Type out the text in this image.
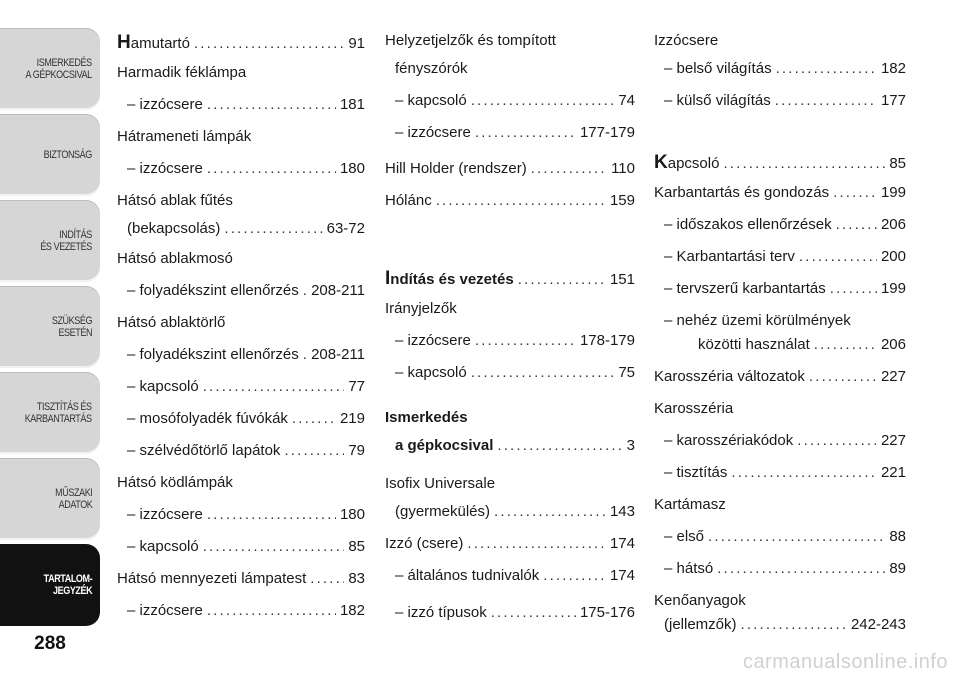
ISMERKEDÉS
A GÉPKOCSIVAL
BIZTONSÁG
INDÍTÁS
ÉS VEZETÉS
SZÜKSÉG
ESETÉN
TISZTÍTÁS ÉS
KARBANTARTÁS
MŰSZAKI
ADATOK
TARTALOM-
JEGYZÉK
288
Hamutartó . . .	91
Harmadik féklámpa
– izzócsere . . .	181
Hátrameneti lámpák
– izzócsere . . .	180
Hátsó ablak fűtés
(bekapcsolás) . . .	63-72
Hátsó ablakmosó
– folyadékszint ellenőrzés . . . 208-211
Hátsó ablaktörlő
– folyadékszint ellenőrzés . . . 208-211
– kapcsoló . . .	77
– mosófolyadék fúvókák . . .	219
– szélvédőtörlő lapátok . . .	79
Hátsó ködlámpák
– izzócsere . . .	180
– kapcsoló . . .	85
Hátsó mennyezeti lámpatest . . .	83
– izzócsere . . .	182
Helyzetjelzők és tompított
fényszórók
– kapcsoló . . .	74
– izzócsere . . .	177-179
Hill Holder (rendszer) . . .	110
Hólánc . . .	159
Indítás és vezetés . . .	151
Irányjelzők
– izzócsere . . .	178-179
– kapcsoló . . .	75
Ismerkedés
a gépkocsival . . .	3
Isofix Universale
(gyermekülés) . . .	143
Izzó (csere) . . .	174
– általános tudnivalók . . .	174
– izzó típusok . . .	175-176
Izzócsere
– belső világítás . . .	182
– külső világítás . . .	177
Kapcsoló . . .	85
Karbantartás és gondozás . . .	199
– időszakos ellenőrzések . . .	206
– Karbantartási terv . . .	200
– tervszerű karbantartás . . .	199
– nehéz üzemi körülmények
közötti használat . . .	206
Karosszéria változatok . . .	227
Karosszéria
– karosszériakódok . . .	227
– tisztítás . . .	221
Kartámasz
– első . . .	88
– hátsó . . .	89
Kenőanyagok
(jellemzők) . . .	242-243
carmanualsonline.info
